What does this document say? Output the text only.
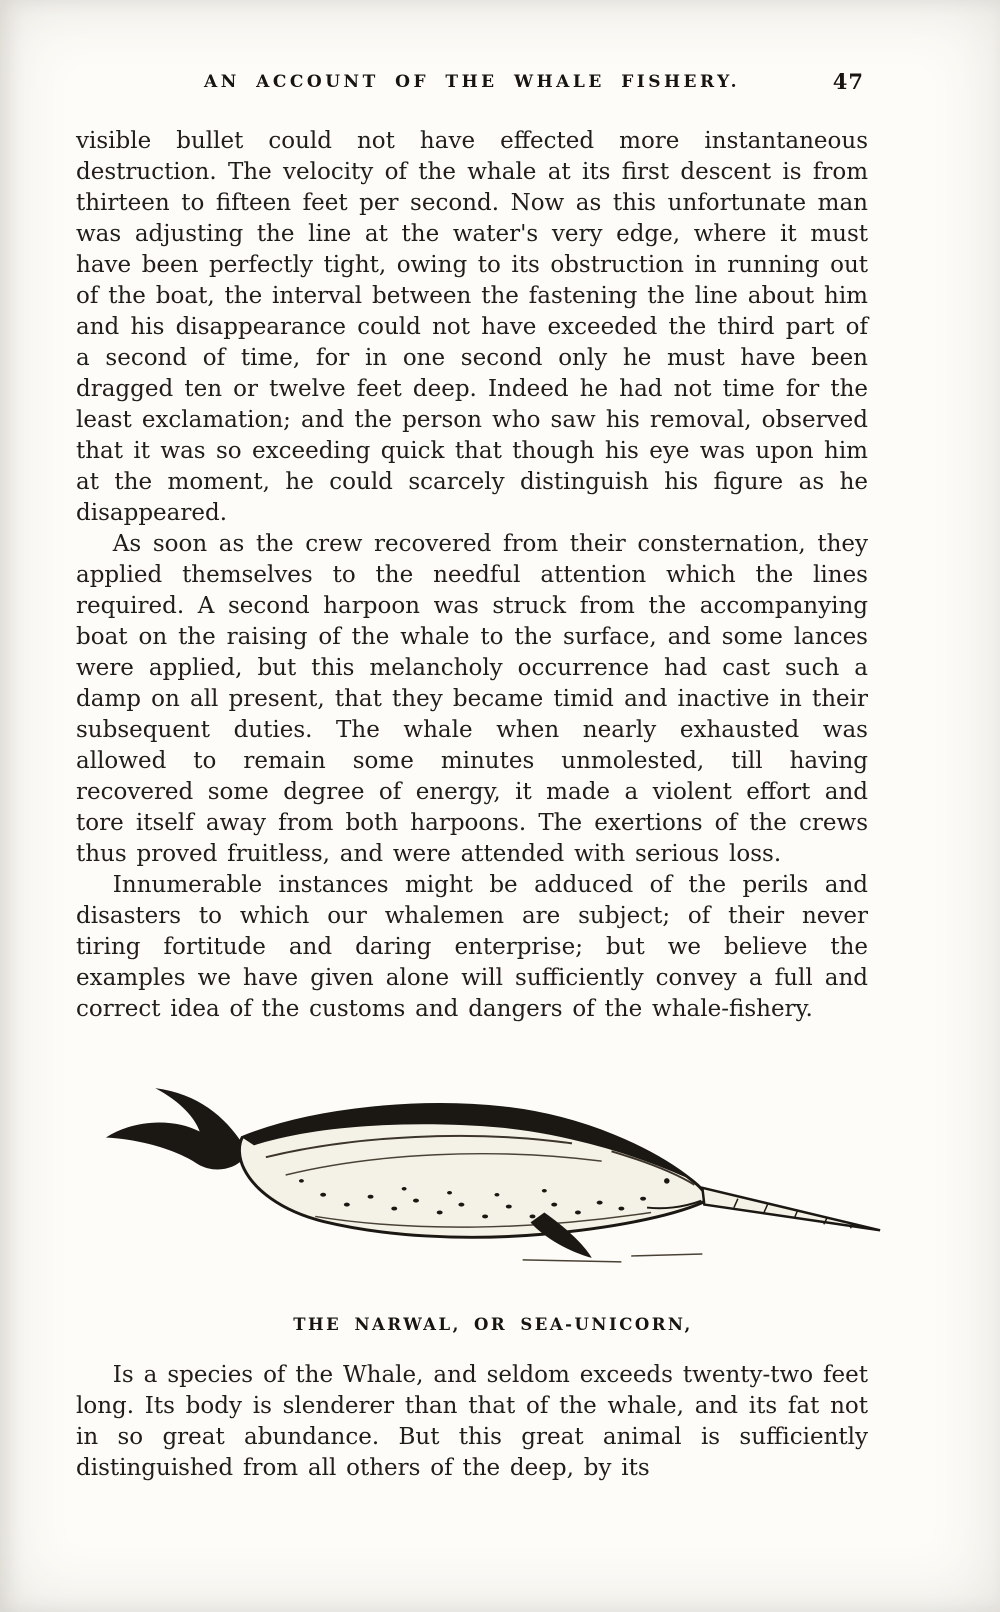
AN ACCOUNT OF THE WHALE FISHERY.	47

visible bullet could not have effected more instantaneous destruction. The velocity of the whale at its first descent is from thirteen to fifteen feet per second. Now as this unfortunate man was adjusting the line at the water's very edge, where it must have been perfectly tight, owing to its obstruction in running out of the boat, the interval between the fastening the line about him and his disappearance could not have exceeded the third part of a second of time, for in one second only he must have been dragged ten or twelve feet deep. Indeed he had not time for the least exclamation; and the person who saw his removal, observed that it was so exceeding quick that though his eye was upon him at the moment, he could scarcely distinguish his figure as he disappeared.

As soon as the crew recovered from their consternation, they applied themselves to the needful attention which the lines required. A second harpoon was struck from the accompanying boat on the raising of the whale to the surface, and some lances were applied, but this melancholy occurrence had cast such a damp on all present, that they became timid and inactive in their subsequent duties. The whale when nearly exhausted was allowed to remain some minutes unmolested, till having recovered some degree of energy, it made a violent effort and tore itself away from both harpoons. The exertions of the crews thus proved fruitless, and were attended with serious loss.

Innumerable instances might be adduced of the perils and disasters to which our whalemen are subject; of their never tiring fortitude and daring enterprise; but we believe the examples we have given alone will sufficiently convey a full and correct idea of the customs and dangers of the whale-fishery.

THE NARWAL, OR SEA-UNICORN,

Is a species of the Whale, and seldom exceeds twenty-two feet long. Its body is slenderer than that of the whale, and its fat not in so great abundance. But this great animal is sufficiently distinguished from all others of the deep, by its
